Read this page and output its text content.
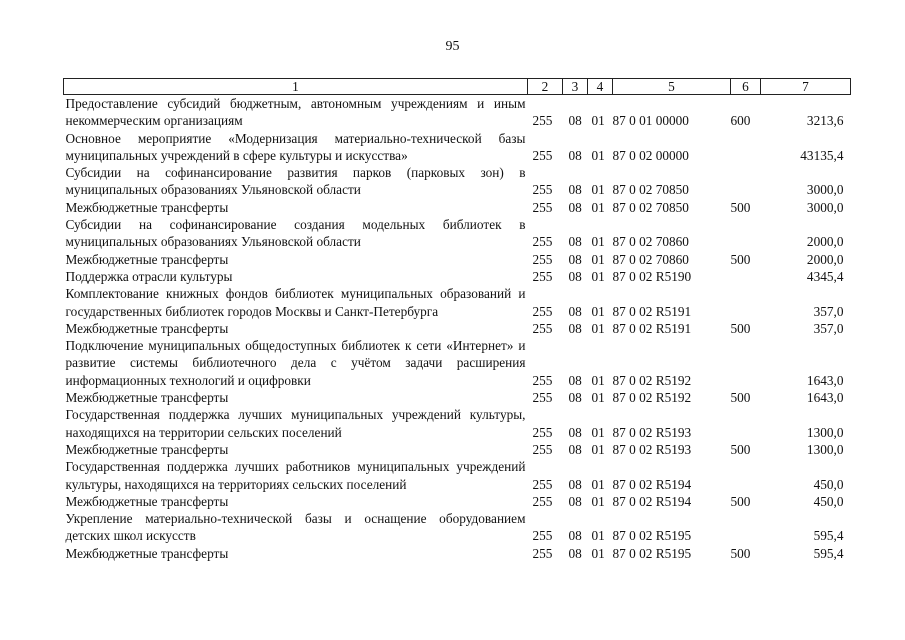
95
1	2	3	4	5	6	7
Предоставление субсидий бюджетным, автономным учреждениям и иным некоммерческим организациям	255	08	01	87 0 01 00000	600	3213,6
Основное мероприятие «Модернизация материально-технической базы муниципальных учреждений в сфере культуры и искусства»	255	08	01	87 0 02 00000		43135,4
Субсидии на софинансирование развития парков (парковых зон) в муниципальных образованиях Ульяновской области	255	08	01	87 0 02 70850		3000,0
Межбюджетные трансферты	255	08	01	87 0 02 70850	500	3000,0
Субсидии на софинансирование создания модельных библиотек в муниципальных образованиях Ульяновской области	255	08	01	87 0 02 70860		2000,0
Межбюджетные трансферты	255	08	01	87 0 02 70860	500	2000,0
Поддержка отрасли культуры	255	08	01	87 0 02 R5190		4345,4
Комплектование книжных фондов библиотек муниципальных образований и государственных библиотек городов Москвы и Санкт-Петербурга	255	08	01	87 0 02 R5191		357,0
Межбюджетные трансферты	255	08	01	87 0 02 R5191	500	357,0
Подключение муниципальных общедоступных библиотек к сети «Интернет» и развитие системы библиотечного дела с учётом задачи расширения информационных технологий и оцифровки	255	08	01	87 0 02 R5192		1643,0
Межбюджетные трансферты	255	08	01	87 0 02 R5192	500	1643,0
Государственная поддержка лучших муниципальных учреждений культуры, находящихся на территории сельских поселений	255	08	01	87 0 02 R5193		1300,0
Межбюджетные трансферты	255	08	01	87 0 02 R5193	500	1300,0
Государственная поддержка лучших работников муниципальных учреждений культуры, находящихся на территориях сельских поселений	255	08	01	87 0 02 R5194		450,0
Межбюджетные трансферты	255	08	01	87 0 02 R5194	500	450,0
Укрепление материально-технической базы и оснащение оборудованием детских школ искусств	255	08	01	87 0 02 R5195		595,4
Межбюджетные трансферты	255	08	01	87 0 02 R5195	500	595,4
